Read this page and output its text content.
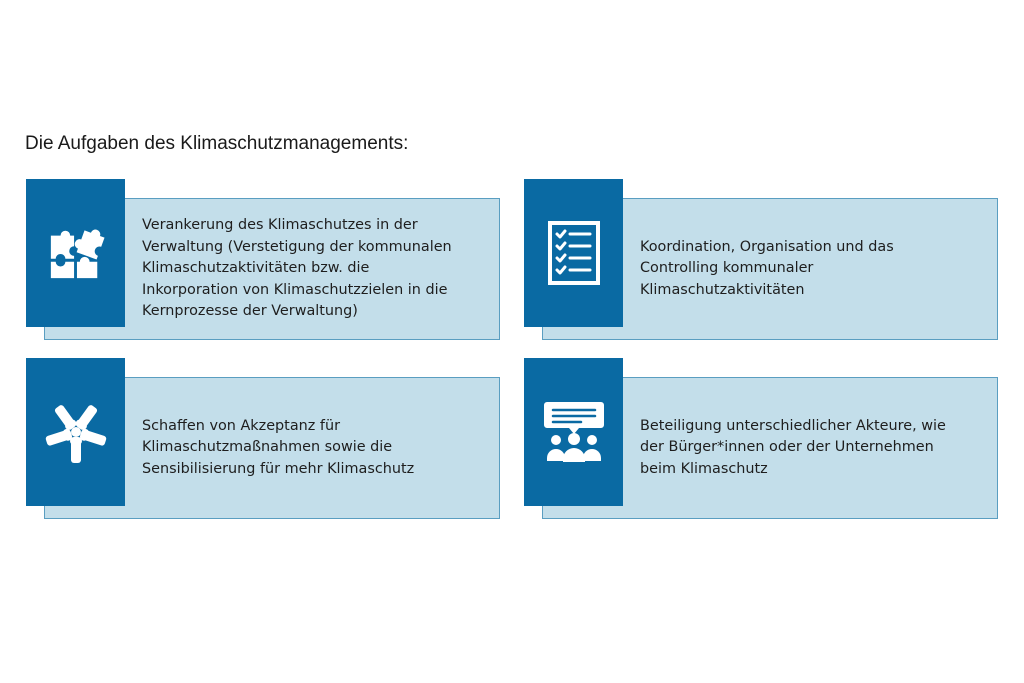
Die Aufgaben des Klimaschutzmanagements:
Verankerung des Klimaschutzes in der
Verwaltung (Verstetigung der kommunalen
Klimaschutzaktivitäten bzw. die
Inkorporation von Klimaschutzzielen in die
Kernprozesse der Verwaltung)
Koordination, Organisation und das
Controlling kommunaler
Klimaschutzaktivitäten
Schaffen von Akzeptanz für
Klimaschutzmaßnahmen sowie die
Sensibilisierung für mehr Klimaschutz
Beteiligung unterschiedlicher Akteure, wie
der Bürger*innen oder der Unternehmen
beim Klimaschutz
